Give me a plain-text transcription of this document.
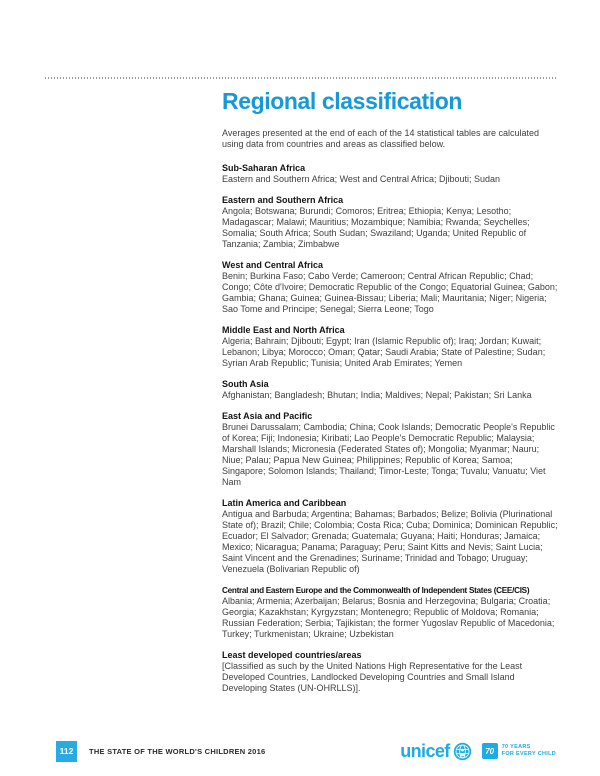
Regional classification

Averages presented at the end of each of the 14 statistical tables are calculated using data from countries and areas as classified below.

Sub-Saharan Africa

Eastern and Southern Africa; West and Central Africa; Djibouti; Sudan

Eastern and Southern Africa

Angola; Botswana; Burundi; Comoros; Eritrea; Ethiopia; Kenya; Lesotho; Madagascar; Malawi; Mauritius; Mozambique; Namibia; Rwanda; Seychelles; Somalia; South Africa; South Sudan; Swaziland; Uganda; United Republic of Tanzania; Zambia; Zimbabwe

West and Central Africa

Benin; Burkina Faso; Cabo Verde; Cameroon; Central African Republic; Chad; Congo; Côte d'Ivoire; Democratic Republic of the Congo; Equatorial Guinea; Gabon; Gambia; Ghana; Guinea; Guinea-Bissau; Liberia; Mali; Mauritania; Niger; Nigeria; Sao Tome and Principe; Senegal; Sierra Leone; Togo

Middle East and North Africa

Algeria; Bahrain; Djibouti; Egypt; Iran (Islamic Republic of); Iraq; Jordan; Kuwait; Lebanon; Libya; Morocco; Oman; Qatar; Saudi Arabia; State of Palestine; Sudan; Syrian Arab Republic; Tunisia; United Arab Emirates; Yemen

South Asia

Afghanistan; Bangladesh; Bhutan; India; Maldives; Nepal; Pakistan; Sri Lanka

East Asia and Pacific

Brunei Darussalam; Cambodia; China; Cook Islands; Democratic People's Republic of Korea; Fiji; Indonesia; Kiribati; Lao People's Democratic Republic; Malaysia; Marshall Islands; Micronesia (Federated States of); Mongolia; Myanmar; Nauru; Niue; Palau; Papua New Guinea; Philippines; Republic of Korea; Samoa; Singapore; Solomon Islands; Thailand; Timor-Leste; Tonga; Tuvalu; Vanuatu; Viet Nam

Latin America and Caribbean

Antigua and Barbuda; Argentina; Bahamas; Barbados; Belize; Bolivia (Plurinational State of); Brazil; Chile; Colombia; Costa Rica; Cuba; Dominica; Dominican Republic; Ecuador; El Salvador; Grenada; Guatemala; Guyana; Haiti; Honduras; Jamaica; Mexico; Nicaragua; Panama; Paraguay; Peru; Saint Kitts and Nevis; Saint Lucia; Saint Vincent and the Grenadines; Suriname; Trinidad and Tobago; Uruguay; Venezuela (Bolivarian Republic of)

Central and Eastern Europe and the Commonwealth of Independent States (CEE/CIS)

Albania; Armenia; Azerbaijan; Belarus; Bosnia and Herzegovina; Bulgaria; Croatia; Georgia; Kazakhstan; Kyrgyzstan; Montenegro; Republic of Moldova; Romania; Russian Federation; Serbia; Tajikistan; the former Yugoslav Republic of Macedonia; Turkey; Turkmenistan; Ukraine; Uzbekistan

Least developed countries/areas

[Classified as such by the United Nations High Representative for the Least Developed Countries, Landlocked Developing Countries and Small Island Developing States (UN-OHRLLS)].

112	THE STATE OF THE WORLD'S CHILDREN 2016	unicef	70	70 YEARS
FOR EVERY CHILD
